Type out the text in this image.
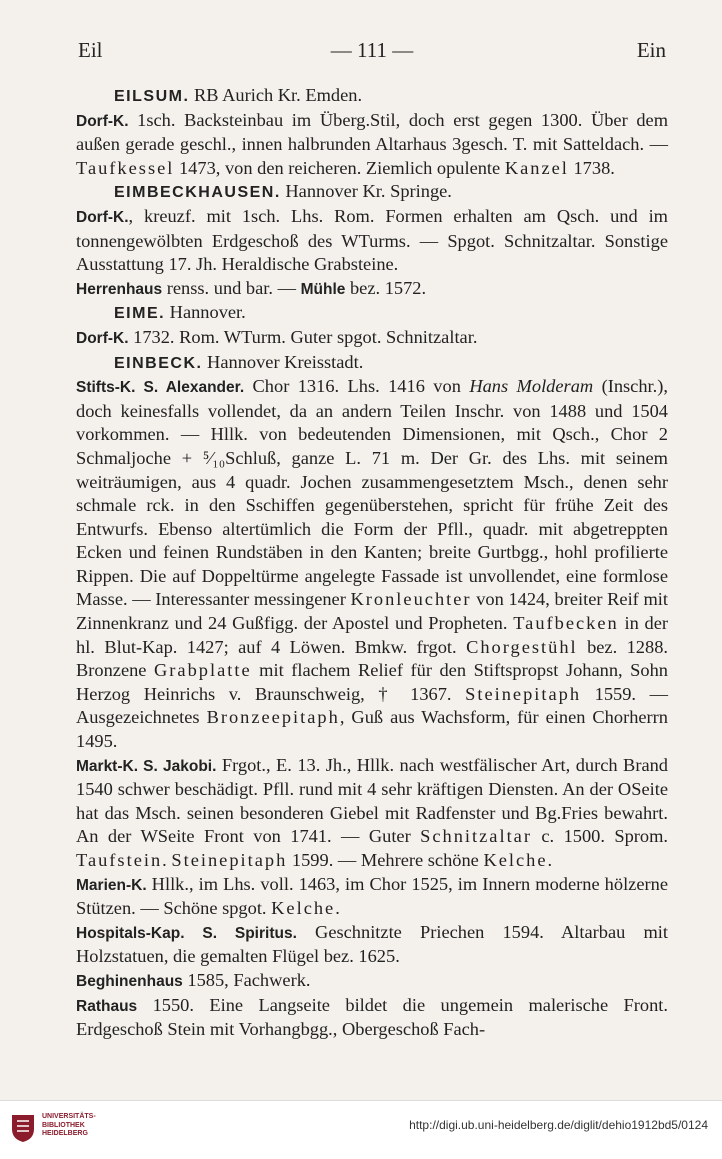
Eil	— 111 —	Ein

EILSUM. RB Aurich Kr. Emden.

Dorf-K. 1sch. Backsteinbau im Überg.Stil, doch erst gegen 1300. Über dem außen gerade geschl., innen halbrunden Altarhaus 3gesch. T. mit Satteldach. — Taufkessel 1473, von den reicheren. Ziemlich opulente Kanzel 1738.

EIMBECKHAUSEN. Hannover Kr. Springe.

Dorf-K., kreuzf. mit 1sch. Lhs. Rom. Formen erhalten am Qsch. und im tonnengewölbten Erdgeschoß des WTurms. — Spgot. Schnitzaltar. Sonstige Ausstattung 17. Jh. Heraldische Grabsteine.

Herrenhaus renss. und bar. — Mühle bez. 1572.

EIME. Hannover.

Dorf-K. 1732. Rom. WTurm. Guter spgot. Schnitzaltar.

EINBECK. Hannover Kreisstadt.

Stifts-K. S. Alexander. Chor 1316. Lhs. 1416 von Hans Molderam (Inschr.), doch keinesfalls vollendet, da an andern Teilen Inschr. von 1488 und 1504 vorkommen. — Hllk. von bedeutenden Dimensionen, mit Qsch., Chor 2 Schmaljoche + ⁵⁄₁₀Schluß, ganze L. 71 m. Der Gr. des Lhs. mit seinem weiträumigen, aus 4 quadr. Jochen zusammengesetztem Msch., denen sehr schmale rck. in den Sschiffen gegenüberstehen, spricht für frühe Zeit des Entwurfs. Ebenso altertümlich die Form der Pfll., quadr. mit abgetreppten Ecken und feinen Rundstäben in den Kanten; breite Gurtbgg., hohl profilierte Rippen. Die auf Doppeltürme angelegte Fassade ist unvollendet, eine formlose Masse. — Interessanter messingener Kronleuchter von 1424, breiter Reif mit Zinnenkranz und 24 Gußfigg. der Apostel und Propheten. Taufbecken in der hl. Blut-Kap. 1427; auf 4 Löwen. Bmkw. frgot. Chorgestühl bez. 1288. Bronzene Grabplatte mit flachem Relief für den Stiftspropst Johann, Sohn Herzog Heinrichs v. Braunschweig, † 1367. Steinepitaph 1559. — Ausgezeichnetes Bronzeepitaph, Guß aus Wachsform, für einen Chorherrn 1495.

Markt-K. S. Jakobi. Frgot., E. 13. Jh., Hllk. nach westfälischer Art, durch Brand 1540 schwer beschädigt. Pfll. rund mit 4 sehr kräftigen Diensten. An der OSeite hat das Msch. seinen besonderen Giebel mit Radfenster und Bg.Fries bewahrt. An der WSeite Front von 1741. — Guter Schnitzaltar c. 1500. Sprom. Taufstein. Steinepitaph 1599. — Mehrere schöne Kelche.

Marien-K. Hllk., im Lhs. voll. 1463, im Chor 1525, im Innern moderne hölzerne Stützen. — Schöne spgot. Kelche.

Hospitals-Kap. S. Spiritus. Geschnitzte Priechen 1594. Altarbau mit Holzstatuen, die gemalten Flügel bez. 1625.

Beghinenhaus 1585, Fachwerk.

Rathaus 1550. Eine Langseite bildet die ungemein malerische Front. Erdgeschoß Stein mit Vorhangbgg., Obergeschoß Fach-

UNIVERSITÄTS-
BIBLIOTHEK
HEIDELBERG
http://digi.ub.uni-heidelberg.de/diglit/dehio1912bd5/0124
